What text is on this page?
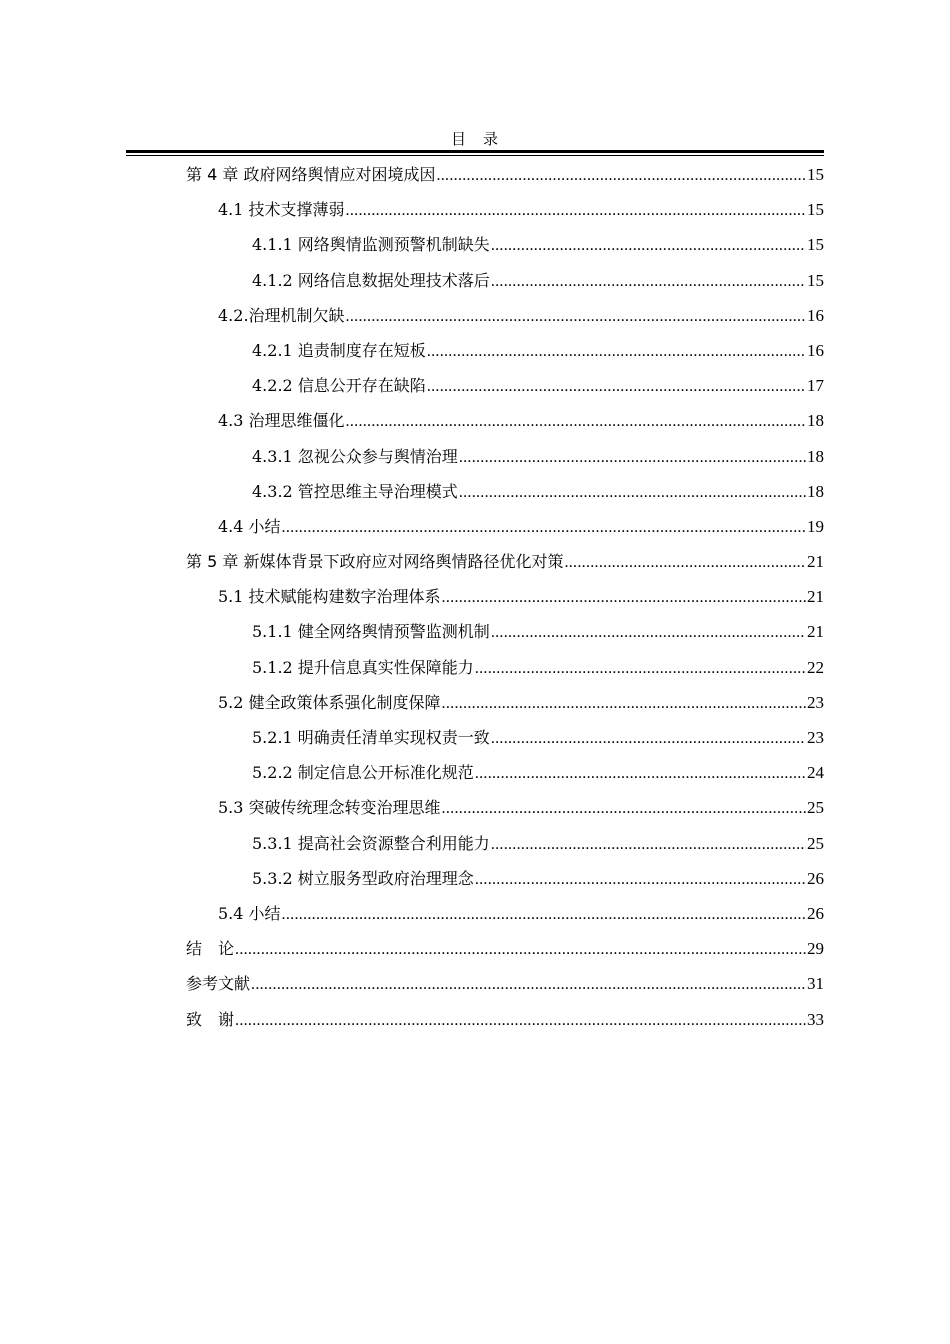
目 录
第 4 章 政府网络舆情应对困境成因 .....	15
4.1 技术支撑薄弱 .....	15
4.1.1 网络舆情监测预警机制缺失 .....	15
4.1.2 网络信息数据处理技术落后 .....	15
4.2.治理机制欠缺 .....	16
4.2.1 追责制度存在短板 .....	16
4.2.2 信息公开存在缺陷 .....	17
4.3 治理思维僵化 .....	18
4.3.1 忽视公众参与舆情治理 .....	18
4.3.2 管控思维主导治理模式 .....	18
4.4 小结 .....	19
第 5 章 新媒体背景下政府应对网络舆情路径优化对策 .....	21
5.1 技术赋能构建数字治理体系 .....	21
5.1.1 健全网络舆情预警监测机制 .....	21
5.1.2 提升信息真实性保障能力 .....	22
5.2 健全政策体系强化制度保障 .....	23
5.2.1 明确责任清单实现权责一致 .....	23
5.2.2 制定信息公开标准化规范 .....	24
5.3 突破传统理念转变治理思维 .....	25
5.3.1 提高社会资源整合利用能力 .....	25
5.3.2 树立服务型政府治理理念 .....	26
5.4 小结 .....	26
结　论 .....	29
参考文献 .....	31
致　谢 .....	33
